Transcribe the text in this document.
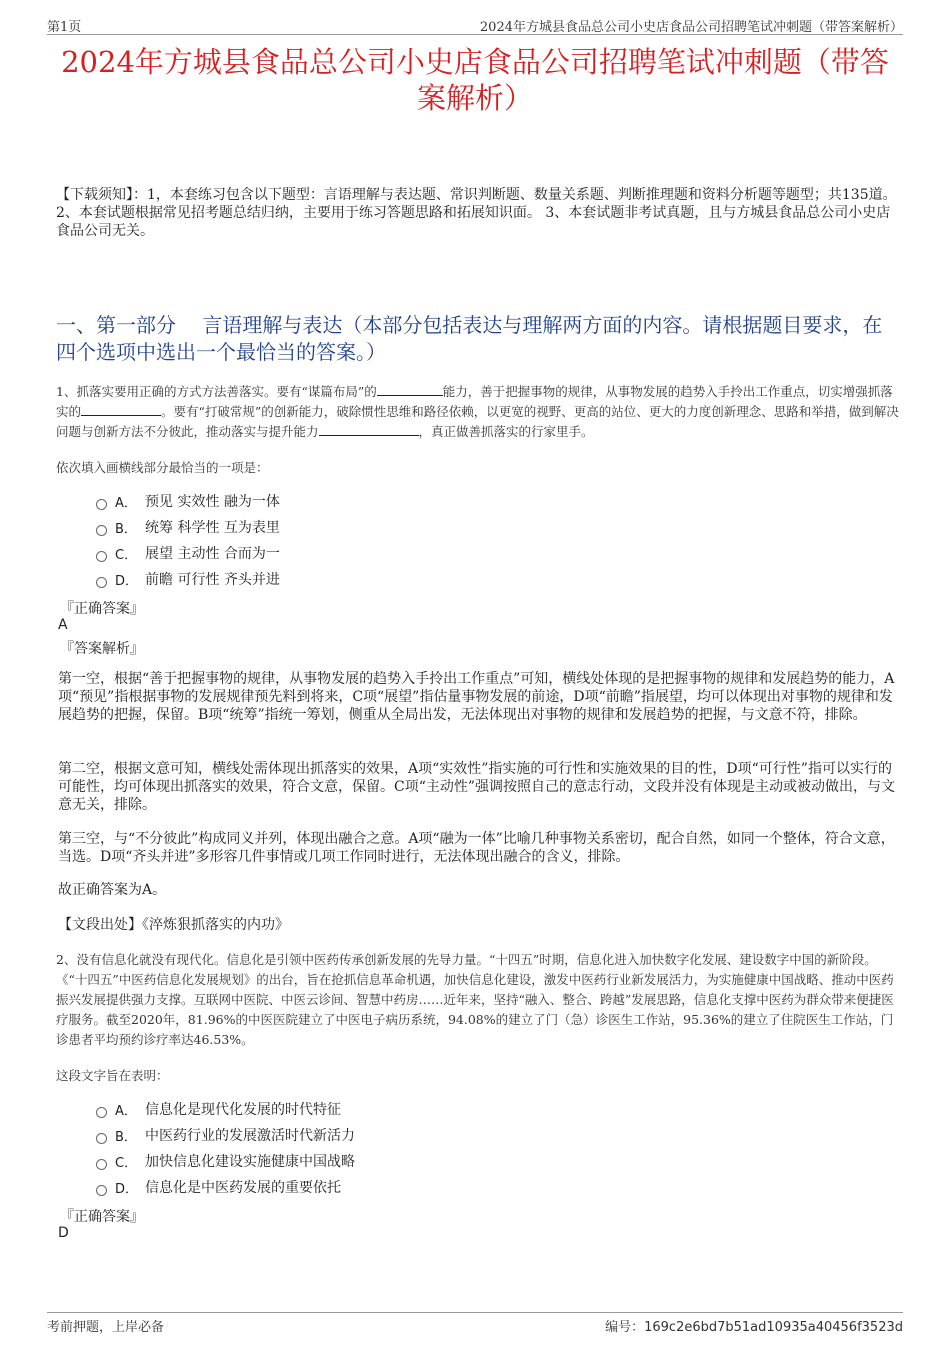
第1页	2024年方城县食品总公司小史店食品公司招聘笔试冲刺题（带答案解析）
2024年方城县食品总公司小史店食品公司招聘笔试冲刺题（带答案解析）
【下载须知】：1，本套练习包含以下题型：言语理解与表达题、常识判断题、数量关系题、判断推理题和资料分析题等题型；共135道。 2、本套试题根据常见招考题总结归纳，主要用于练习答题思路和拓展知识面。 3、本套试题非考试真题，且与方城县食品总公司小史店食品公司无关。
一、第一部分　 言语理解与表达（本部分包括表达与理解两方面的内容。请根据题目要求，在四个选项中选出一个最恰当的答案。）
1、抓落实要用正确的方式方法善落实。要有“谋篇布局”的	能力，善于把握事物的规律，从事物发展的趋势入手拎出工作重点，切实增强抓落实的	。要有“打破常规”的创新能力，破除惯性思维和路径依赖，以更宽的视野、更高的站位、更大的力度创新理念、思路和举措，做到解决问题与创新方法不分彼此，推动落实与提升能力	，真正做善抓落实的行家里手。
依次填入画横线部分最恰当的一项是：
A． 预见 实效性 融为一体
B． 统筹 科学性 互为表里
C． 展望 主动性 合而为一
D． 前瞻 可行性 齐头并进
『正确答案』
A
『答案解析』

第一空，根据“善于把握事物的规律，从事物发展的趋势入手拎出工作重点”可知，横线处体现的是把握事物的规律和发展趋势的能力，A项“预见”指根据事物的发展规律预先料到将来，C项“展望”指估量事物发展的前途，D项“前瞻”指展望，均可以体现出对事物的规律和发展趋势的把握，保留。B项“统筹”指统一筹划，侧重从全局出发，无法体现出对事物的规律和发展趋势的把握，与文意不符，排除。

第二空，根据文意可知，横线处需体现出抓落实的效果，A项“实效性”指实施的可行性和实施效果的目的性，D项“可行性”指可以实行的可能性，均可体现出抓落实的效果，符合文意，保留。C项“主动性”强调按照自己的意志行动，文段并没有体现是主动或被动做出，与文意无关，排除。

第三空，与“不分彼此”构成同义并列，体现出融合之意。A项“融为一体”比喻几种事物关系密切，配合自然，如同一个整体，符合文意，当选。D项“齐头并进”多形容几件事情或几项工作同时进行，无法体现出融合的含义，排除。

故正确答案为A。

【文段出处】《淬炼狠抓落实的内功》

2、没有信息化就没有现代化。信息化是引领中医药传承创新发展的先导力量。“十四五”时期，信息化进入加快数字化发展、建设数字中国的新阶段。《“十四五”中医药信息化发展规划》的出台，旨在抢抓信息革命机遇，加快信息化建设，激发中医药行业新发展活力，为实施健康中国战略、推动中医药振兴发展提供强力支撑。互联网中医院、中医云诊间、智慧中药房……近年来，坚持“融入、整合、跨越”发展思路，信息化支撑中医药为群众带来便捷医疗服务。截至2020年，81.96%的中医医院建立了中医电子病历系统，94.08%的建立了门（急）诊医生工作站，95.36%的建立了住院医生工作站，门诊患者平均预约诊疗率达46.53%。
这段文字旨在表明：
A． 信息化是现代化发展的时代特征
B． 中医药行业的发展激活时代新活力
C． 加快信息化建设实施健康中国战略
D． 信息化是中医药发展的重要依托
『正确答案』
D
考前押题，上岸必备	编号：169c2e6bd7b51ad10935a40456f3523d
